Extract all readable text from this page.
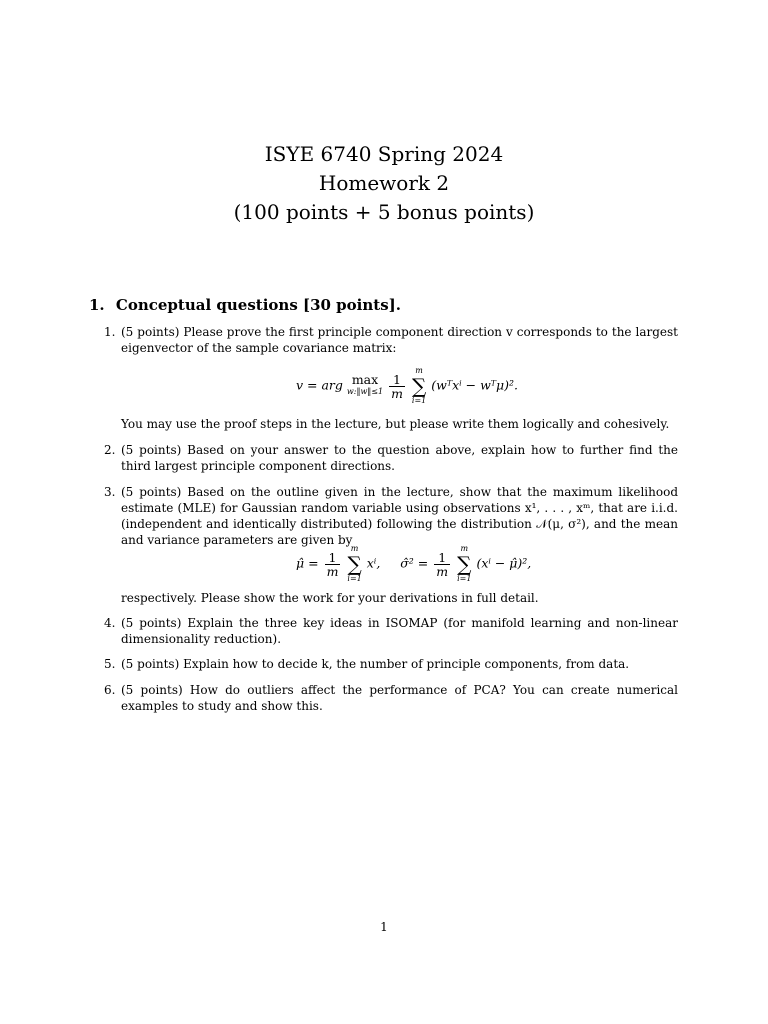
ISYE 6740 Spring 2024
Homework 2
(100 points + 5 bonus points)
1. Conceptual questions [30 points].
1. (5 points) Please prove the first principle component direction v corresponds to the largest eigenvector of the sample covariance matrix:
v = arg max
w:‖w‖≤1
$\frac{1}{m}$

m
∑
i=1
(wᵀxⁱ − wᵀμ)².
You may use the proof steps in the lecture, but please write them logically and cohesively.
2. (5 points) Based on your answer to the question above, explain how to further find the third largest principle component directions.
3. (5 points) Based on the outline given in the lecture, show that the maximum likelihood estimate (MLE) for Gaussian random variable using observations x¹, . . . , xᵐ, that are i.i.d. (independent and identically distributed) following the distribution 𝒩(μ, σ²), and the mean and variance parameters are given by
μ̂ = $\frac{1}{m}$

m
∑
i=1
xⁱ, σ̂² = $\frac{1}{m}$

m
∑
i=1
(xⁱ − μ̂)²,
respectively. Please show the work for your derivations in full detail.
4. (5 points) Explain the three key ideas in ISOMAP (for manifold learning and non-linear dimensionality reduction).
5. (5 points) Explain how to decide k, the number of principle components, from data.
6. (5 points) How do outliers affect the performance of PCA? You can create numerical examples to study and show this.
1
